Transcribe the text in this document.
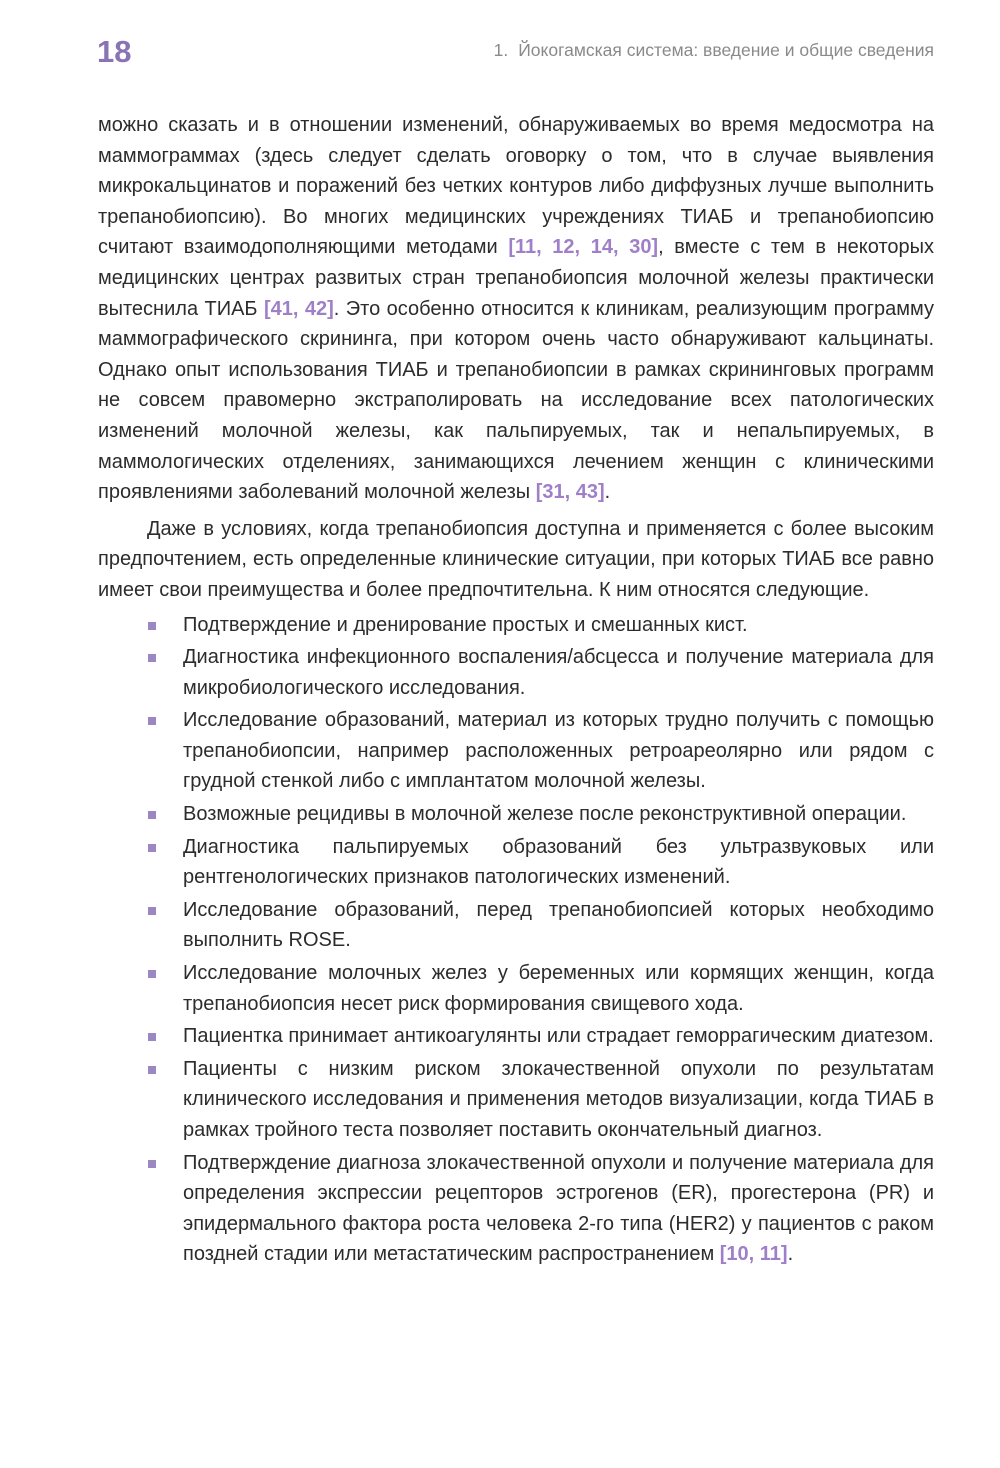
18	1. Йокогамская система: введение и общие сведения

можно сказать и в отношении изменений, обнаруживаемых во время медосмотра на маммограммах (здесь следует сделать оговорку о том, что в случае выявления микрокальцинатов и поражений без четких контуров либо диффузных лучше выполнить трепанобиопсию). Во многих медицинских учреждениях ТИАБ и трепанобиопсию считают взаимодополняющими методами [11, 12, 14, 30], вместе с тем в некоторых медицинских центрах развитых стран трепанобиопсия молочной железы практически вытеснила ТИАБ [41, 42]. Это особенно относится к клиникам, реализующим программу маммографического скрининга, при котором очень часто обнаруживают кальцинаты. Однако опыт использования ТИАБ и трепанобиопсии в рамках скрининговых программ не совсем правомерно экстраполировать на исследование всех патологических изменений молочной железы, как пальпируемых, так и непальпируемых, в маммологических отделениях, занимающихся лечением женщин с клиническими проявлениями заболеваний молочной железы [31, 43].

Даже в условиях, когда трепанобиопсия доступна и применяется с более высоким предпочтением, есть определенные клинические ситуации, при которых ТИАБ все равно имеет свои преимущества и более предпочтительна. К ним относятся следующие.

Подтверждение и дренирование простых и смешанных кист.
Диагностика инфекционного воспаления/абсцесса и получение материала для микробиологического исследования.
Исследование образований, материал из которых трудно получить с помощью трепанобиопсии, например расположенных ретроареолярно или рядом с грудной стенкой либо с имплантатом молочной железы.
Возможные рецидивы в молочной железе после реконструктивной операции.
Диагностика пальпируемых образований без ультразвуковых или рентгенологических признаков патологических изменений.
Исследование образований, перед трепанобиопсией которых необходимо выполнить ROSE.
Исследование молочных желез у беременных или кормящих женщин, когда трепанобиопсия несет риск формирования свищевого хода.
Пациентка принимает антикоагулянты или страдает геморрагическим диатезом.
Пациенты с низким риском злокачественной опухоли по результатам клинического исследования и применения методов визуализации, когда ТИАБ в рамках тройного теста позволяет поставить окончательный диагноз.
Подтверждение диагноза злокачественной опухоли и получение материала для определения экспрессии рецепторов эстрогенов (ER), прогестерона (PR) и эпидермального фактора роста человека 2-го типа (HER2) у пациентов с раком поздней стадии или метастатическим распространением [10, 11].
